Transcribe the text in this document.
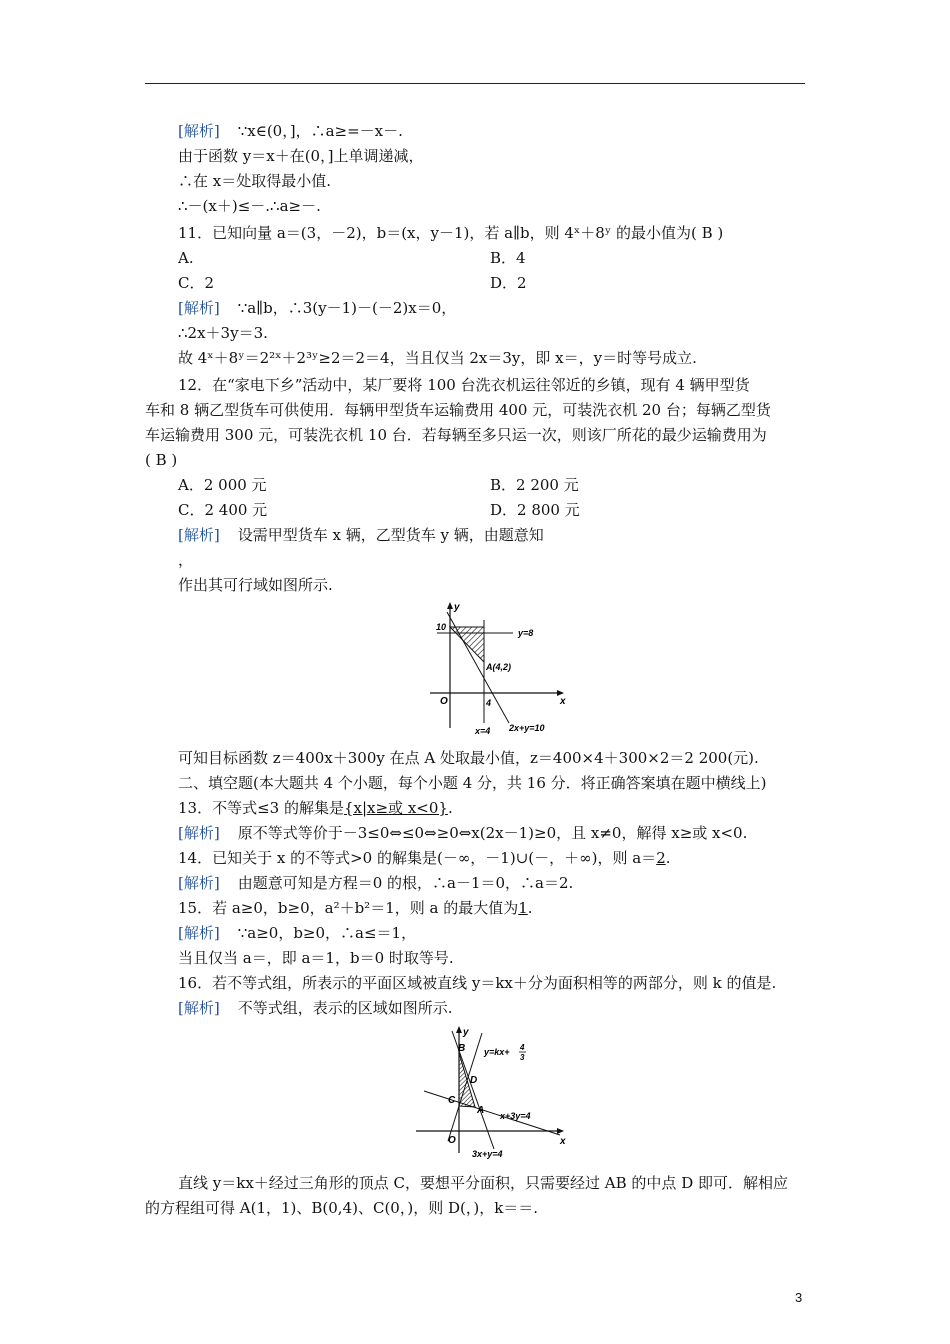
[解析] ∵x∈(0，]，∴a≥=－x－.
由于函数 y＝x＋在(0，]上单调递减，
∴在 x＝处取得最小值.
∴－(x＋)≤－.∴a≥－.
11．已知向量 a＝(3，－2)，b＝(x，y－1)，若 a∥b，则 4ˣ＋8ʸ 的最小值为( B )
A.	B．4
C．2	D．2
[解析] ∵a∥b，∴3(y－1)－(－2)x＝0，
∴2x＋3y＝3.
故 4ˣ＋8ʸ＝2²ˣ＋2³ʸ≥2＝2＝4，当且仅当 2x＝3y，即 x＝，y＝时等号成立.
12．在“家电下乡”活动中，某厂要将 100 台洗衣机运往邻近的乡镇，现有 4 辆甲型货
车和 8 辆乙型货车可供使用．每辆甲型货车运输费用 400 元，可装洗衣机 20 台；每辆乙型货
车运输费用 300 元，可装洗衣机 10 台．若每辆至多只运一次，则该厂所花的最少运输费用为
( B )
A．2 000 元	B．2 200 元
C．2 400 元	D．2 800 元
[解析] 设需甲型货车 x 辆，乙型货车 y 辆，由题意知
，
作出其可行域如图所示.
y
x
O
10
4
y=8
A(4,2)
x=4 2x+y=10
可知目标函数 z＝400x＋300y 在点 A 处取最小值，z＝400×4＋300×2＝2 200(元).
二、填空题(本大题共 4 个小题，每个小题 4 分，共 16 分．将正确答案填在题中横线上)
13．不等式≤3 的解集是{x|x≥或 x<0}.
[解析] 原不等式等价于－3≤0⇔≤0⇔≥0⇔x(2x－1)≥0，且 x≠0，解得 x≥或 x<0.
14．已知关于 x 的不等式>0 的解集是(－∞，－1)∪(－，＋∞)，则 a＝2.
[解析] 由题意可知是方程＝0 的根，∴a－1＝0，∴a＝2.
15．若 a≥0，b≥0，a²＋b²＝1，则 a 的最大值为1.
[解析] ∵a≥0，b≥0，∴a≤＝1，
当且仅当 a＝，即 a＝1，b＝0 时取等号.
16．若不等式组，所表示的平面区域被直线 y＝kx＋分为面积相等的两部分，则 k 的值是.
[解析] 不等式组，表示的区域如图所示.
y
x
O
B
D
C
A
y=kx+ 4
3
x+3y=4
3x+y=4
直线 y＝kx＋经过三角形的顶点 C，要想平分面积，只需要经过 AB 的中点 D 即可．解相应
的方程组可得 A(1，1)、B(0,4)、C(0，)，则 D(，)，k＝＝.
3
